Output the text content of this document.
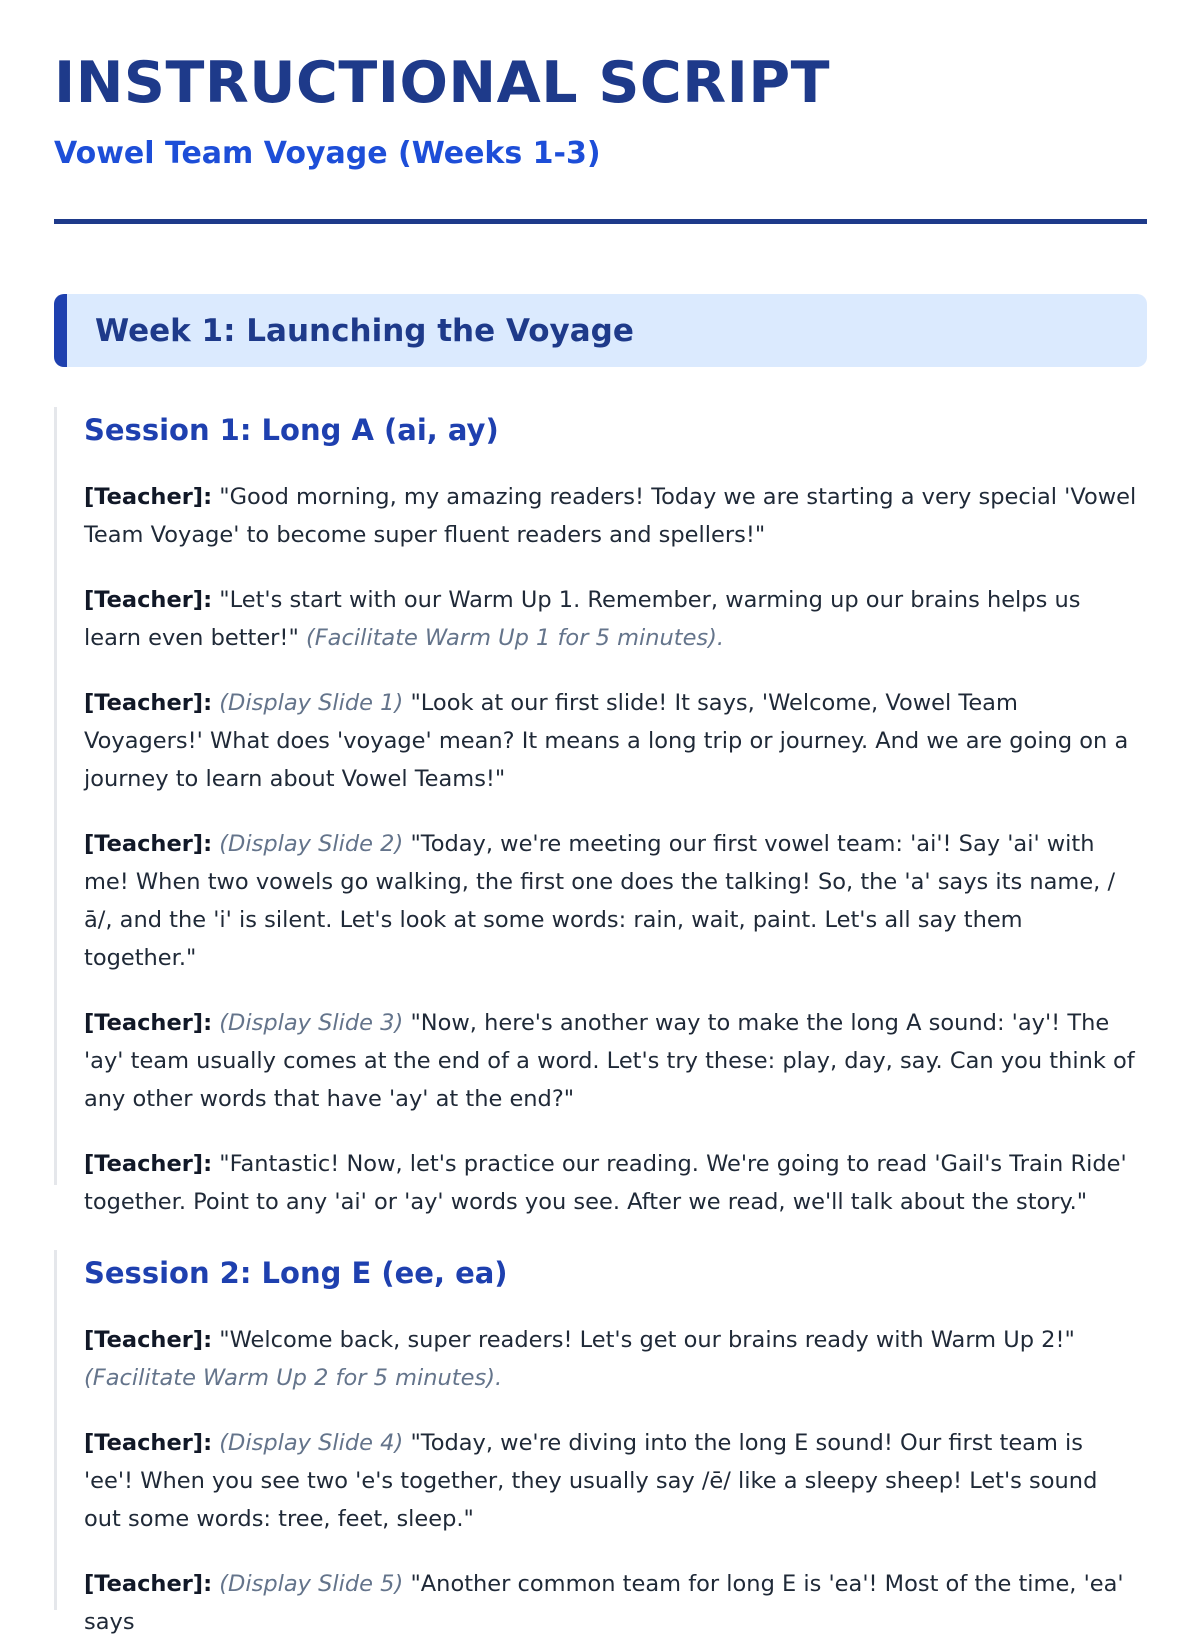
INSTRUCTIONAL SCRIPT
Vowel Team Voyage (Weeks 1-3)
Week 1: Launching the Voyage
Session 1: Long A (ai, ay)

[Teacher]: "Good morning, my amazing readers! Today we are starting a very special 'Vowel Team Voyage' to become super fluent readers and spellers!"

[Teacher]: "Let's start with our Warm Up 1. Remember, warming up our brains helps us learn even better!" (Facilitate Warm Up 1 for 5 minutes).

[Teacher]: (Display Slide 1) "Look at our first slide! It says, 'Welcome, Vowel Team Voyagers!' What does 'voyage' mean? It means a long trip or journey. And we are going on a journey to learn about Vowel Teams!"

[Teacher]: (Display Slide 2) "Today, we're meeting our first vowel team: 'ai'! Say 'ai' with me! When two vowels go walking, the first one does the talking! So, the 'a' says its name, /ā/, and the 'i' is silent. Let's look at some words: rain, wait, paint. Let's all say them together."

[Teacher]: (Display Slide 3) "Now, here's another way to make the long A sound: 'ay'! The 'ay' team usually comes at the end of a word. Let's try these: play, day, say. Can you think of any other words that have 'ay' at the end?"

[Teacher]: "Fantastic! Now, let's practice our reading. We're going to read 'Gail's Train Ride' together. Point to any 'ai' or 'ay' words you see. After we read, we'll talk about the story."

Session 2: Long E (ee, ea)

[Teacher]: "Welcome back, super readers! Let's get our brains ready with Warm Up 2!" (Facilitate Warm Up 2 for 5 minutes).

[Teacher]: (Display Slide 4) "Today, we're diving into the long E sound! Our first team is 'ee'! When you see two 'e's together, they usually say /ē/ like a sleepy sheep! Let's sound out some words: tree, feet, sleep."

[Teacher]: (Display Slide 5) "Another common team for long E is 'ea'! Most of the time, 'ea' says
